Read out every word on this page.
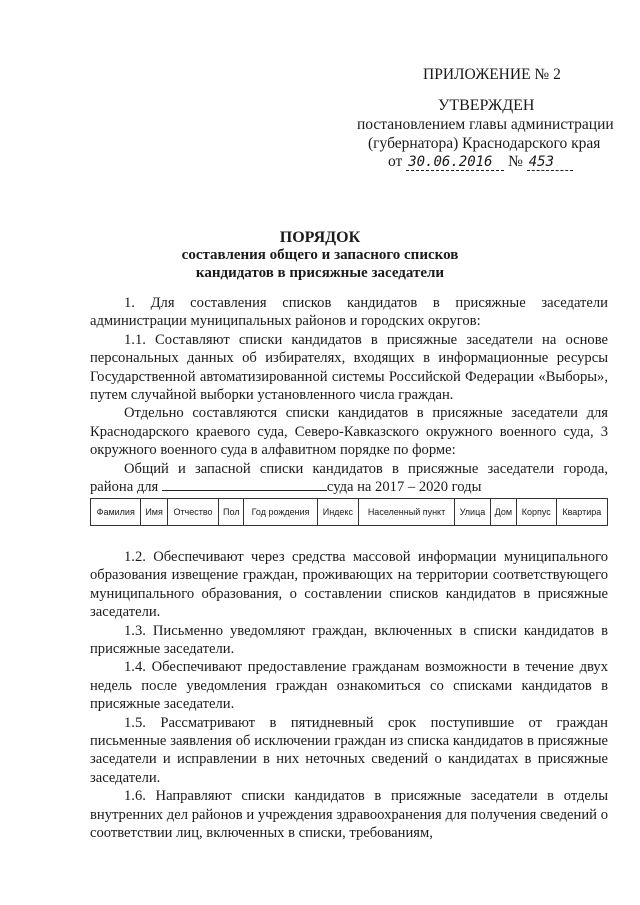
ПРИЛОЖЕНИЕ № 2
УТВЕРЖДЕН
постановлением главы администрации
(губернатора) Краснодарского края
от 30.06.2016 № 453
ПОРЯДОК
составления общего и запасного списков
кандидатов в присяжные заседатели

1. Для составления списков кандидатов в присяжные заседатели администрации муниципальных районов и городских округов:

1.1. Составляют списки кандидатов в присяжные заседатели на основе персональных данных об избирателях, входящих в информационные ресурсы Государственной автоматизированной системы Российской Федерации «Выборы», путем случайной выборки установленного числа граждан.

Отдельно составляются списки кандидатов в присяжные заседатели для Краснодарского краевого суда, Северо-Кавказского окружного военного суда, 3 окружного военного суда в алфавитном порядке по форме:

Общий и запасной списки кандидатов в присяжные заседатели города, района для	суда на 2017 – 2020 годы

Фамилия	Имя	Отчество	Пол	Год рождения	Индекс	Населенный пункт	Улица	Дом	Корпус	Квартира

1.2. Обеспечивают через средства массовой информации муниципального образования извещение граждан, проживающих на территории соответствующего муниципального образования, о составлении списков кандидатов в присяжные заседатели.

1.3. Письменно уведомляют граждан, включенных в списки кандидатов в присяжные заседатели.

1.4. Обеспечивают предоставление гражданам возможности в течение двух недель после уведомления граждан ознакомиться со списками кандидатов в присяжные заседатели.

1.5. Рассматривают в пятидневный срок поступившие от граждан письменные заявления об исключении граждан из списка кандидатов в присяжные заседатели и исправлении в них неточных сведений о кандидатах в присяжные заседатели.

1.6. Направляют списки кандидатов в присяжные заседатели в отделы внутренних дел районов и учреждения здравоохранения для получения сведений о соответствии лиц, включенных в списки, требованиям,
